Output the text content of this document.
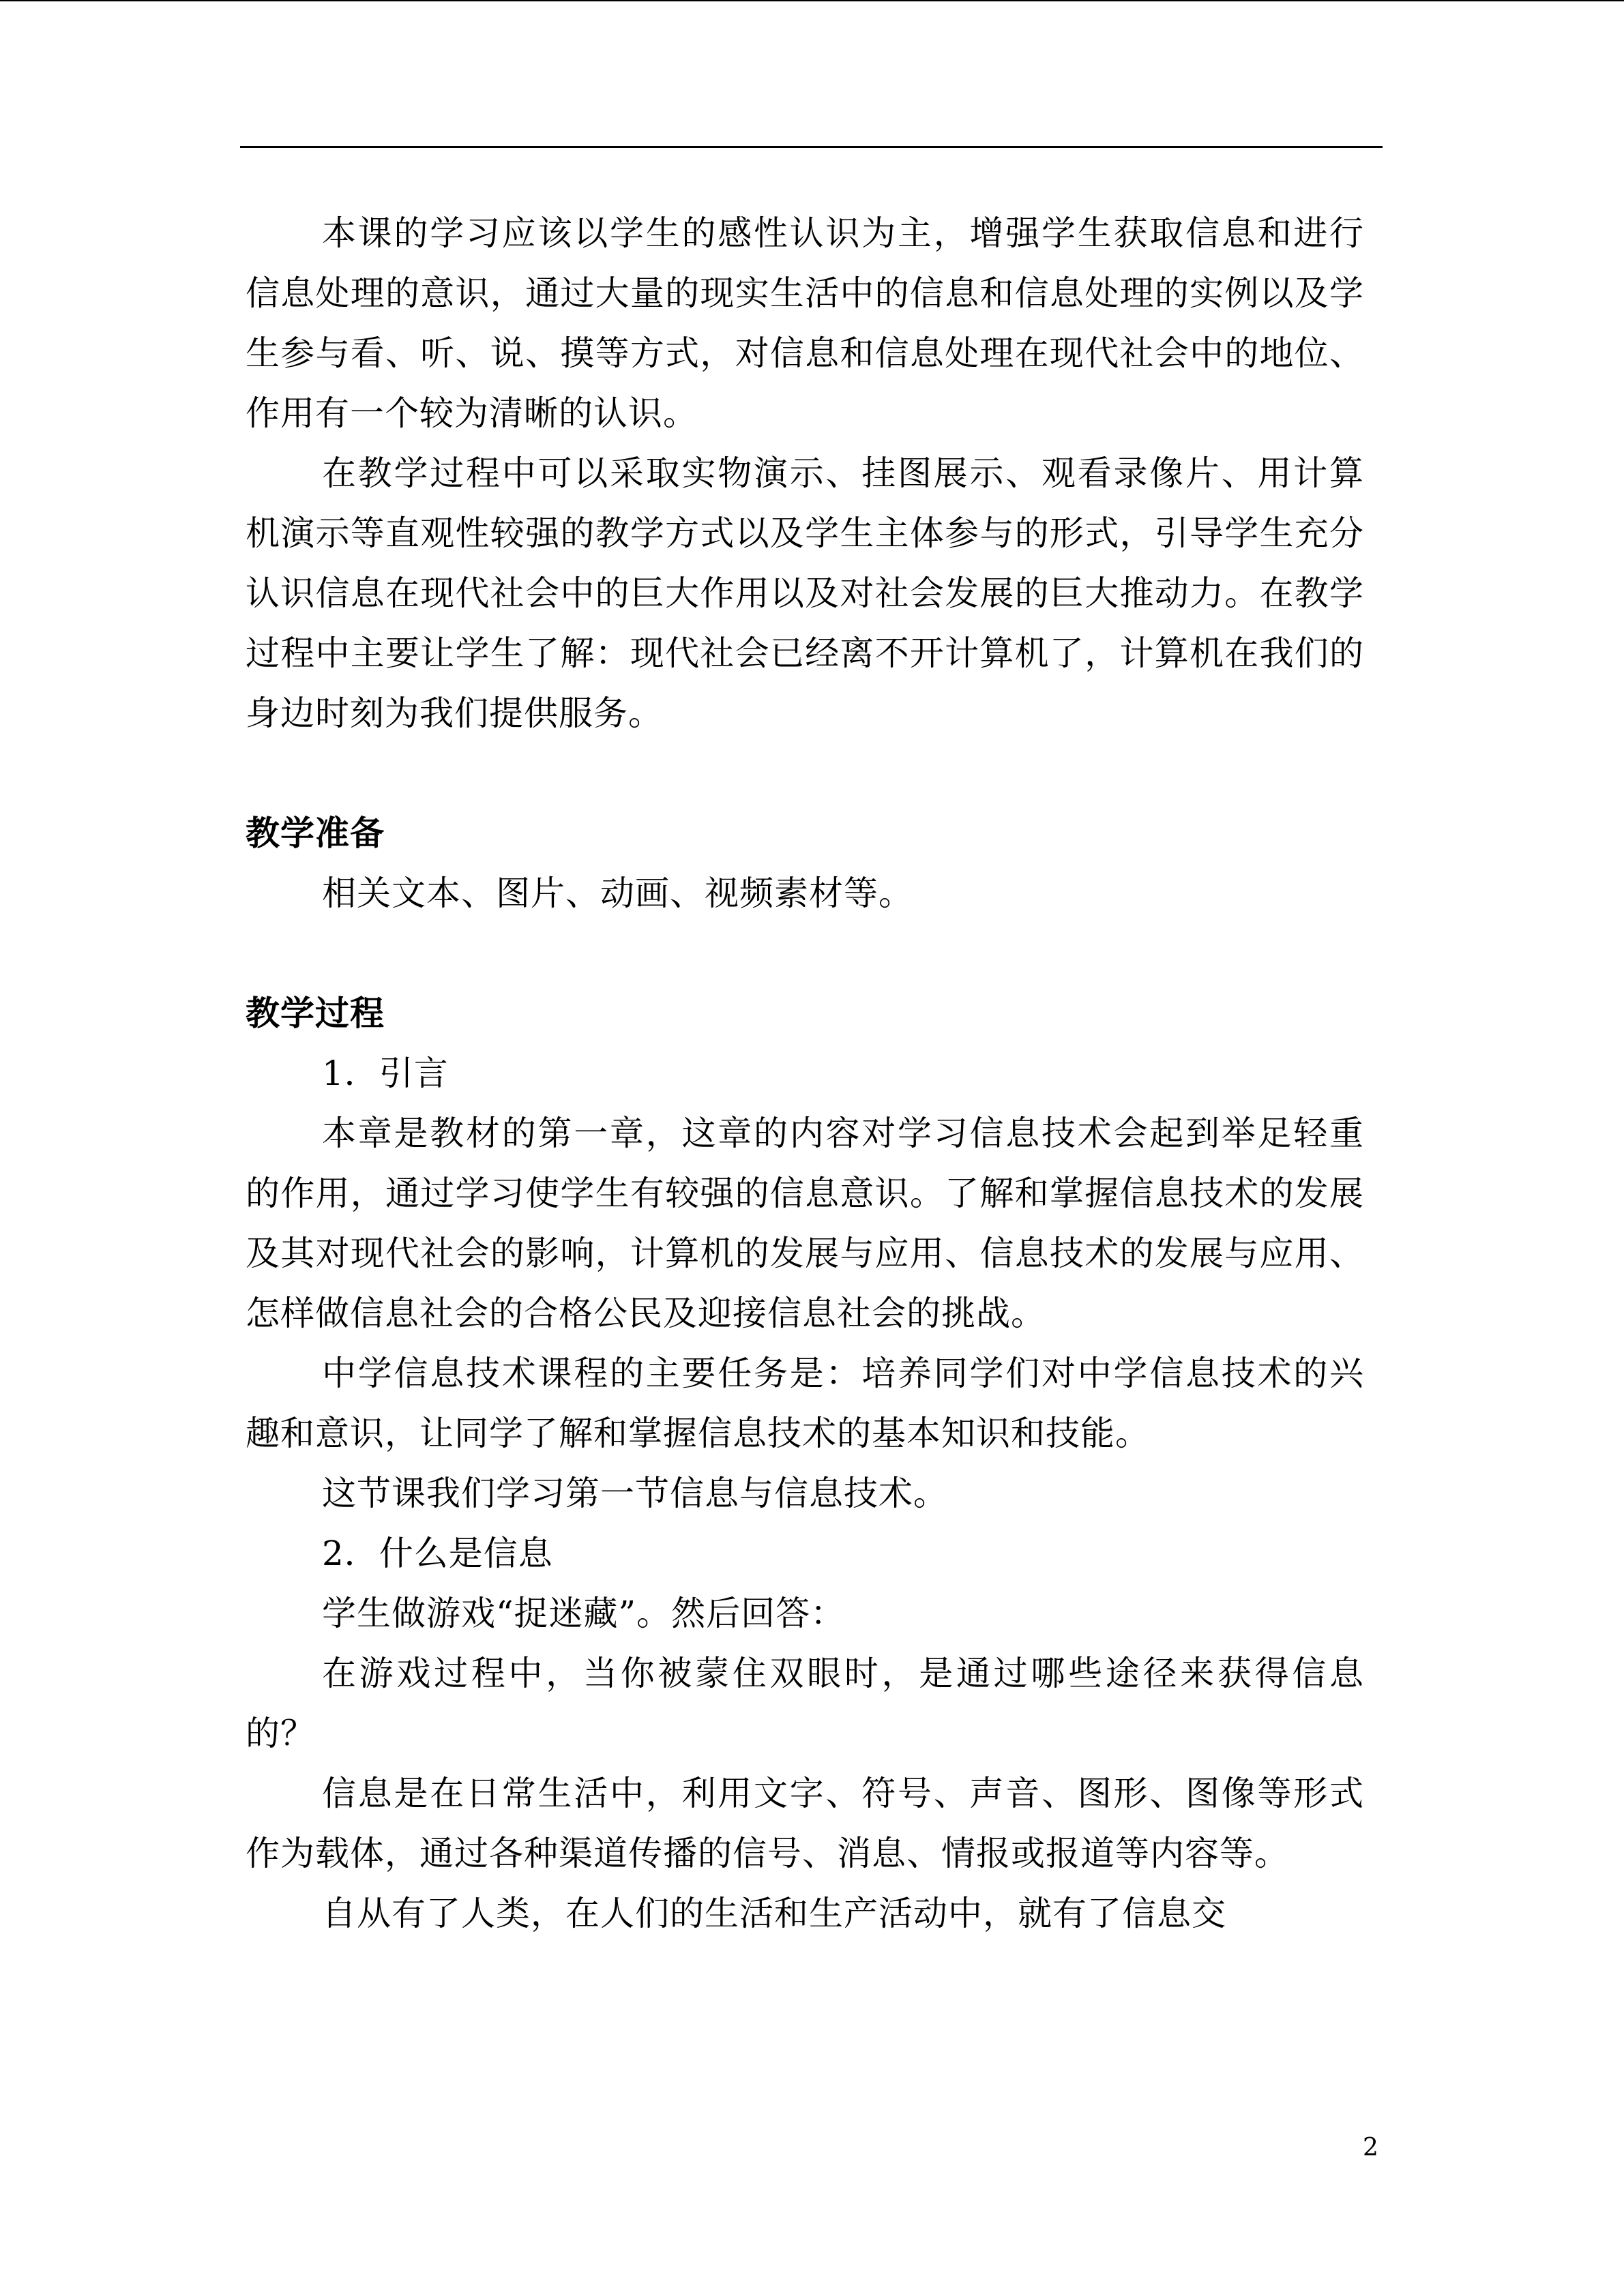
本课的学习应该以学生的感性认识为主，增强学生获取信息和进行信息处理的意识，通过大量的现实生活中的信息和信息处理的实例以及学生参与看、听、说、摸等方式，对信息和信息处理在现代社会中的地位、作用有一个较为清晰的认识。

在教学过程中可以采取实物演示、挂图展示、观看录像片、用计算机演示等直观性较强的教学方式以及学生主体参与的形式，引导学生充分认识信息在现代社会中的巨大作用以及对社会发展的巨大推动力。在教学过程中主要让学生了解：现代社会已经离不开计算机了，计算机在我们的身边时刻为我们提供服务。

教学准备

相关文本、图片、动画、视频素材等。

教学过程

1．引言

本章是教材的第一章，这章的内容对学习信息技术会起到举足轻重的作用，通过学习使学生有较强的信息意识。了解和掌握信息技术的发展及其对现代社会的影响，计算机的发展与应用、信息技术的发展与应用、怎样做信息社会的合格公民及迎接信息社会的挑战。

中学信息技术课程的主要任务是：培养同学们对中学信息技术的兴趣和意识，让同学了解和掌握信息技术的基本知识和技能。

这节课我们学习第一节信息与信息技术。

2．什么是信息

学生做游戏“捉迷藏”。然后回答：

在游戏过程中，当你被蒙住双眼时，是通过哪些途径来获得信息的？

信息是在日常生活中，利用文字、符号、声音、图形、图像等形式作为载体，通过各种渠道传播的信号、消息、情报或报道等内容等。

自从有了人类，在人们的生活和生产活动中，就有了信息交

2
